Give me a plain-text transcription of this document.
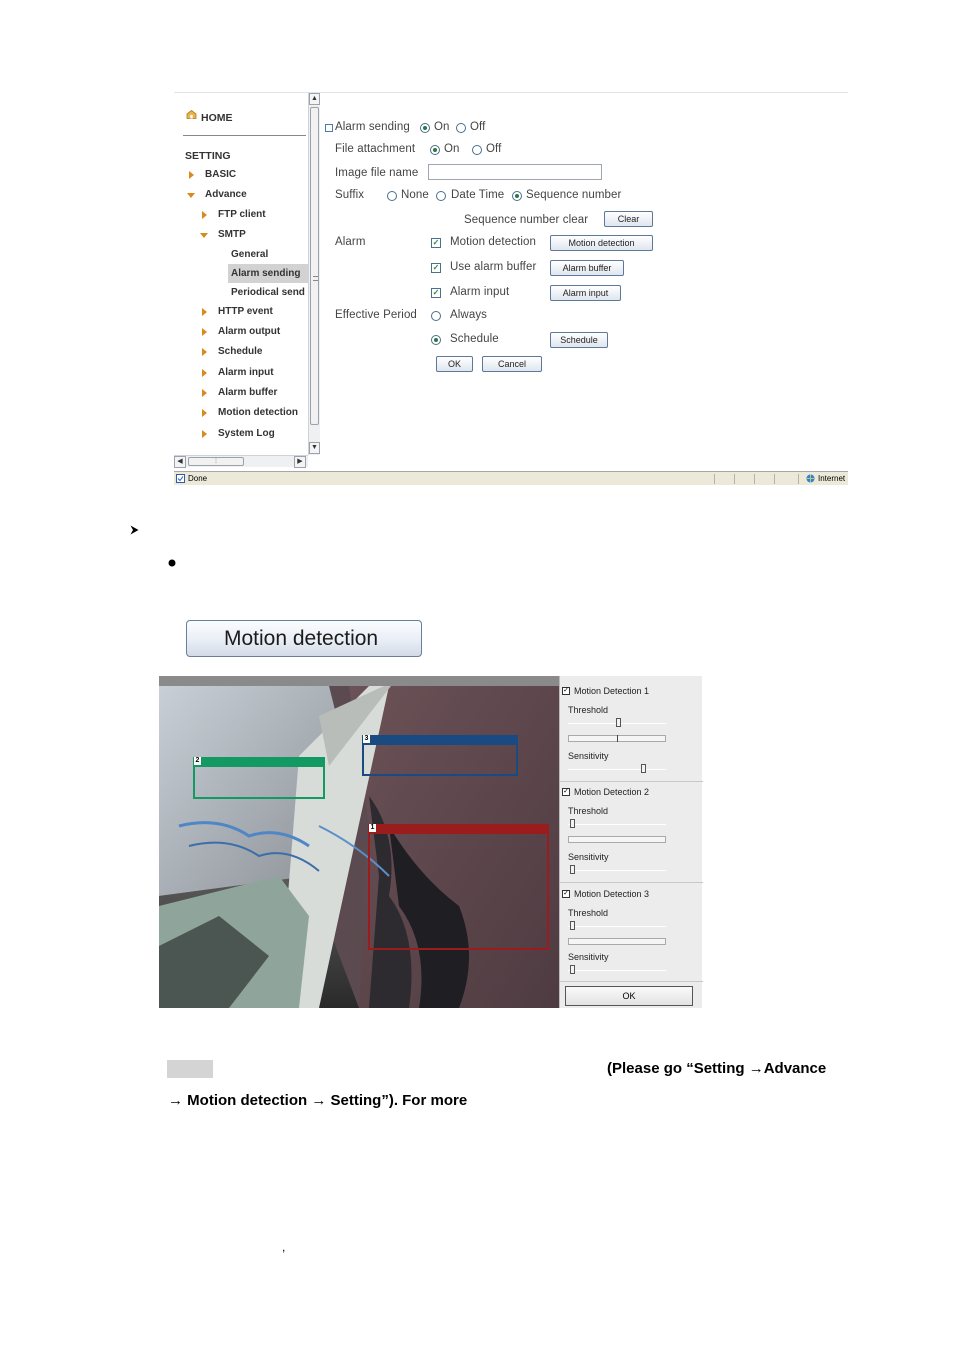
HOME
SETTING
BASIC
Advance
FTP client
SMTP
General
Alarm sending
Periodical send
HTTP event
Alarm output
Schedule
Alarm input
Alarm buffer
Motion detection
System Log
▲
▼
◀	⋮	▶
Alarm sending On Off
File attachment	On Off
Image file name
Suffix	None Date Time Sequence number
Sequence number clear	Clear
Alarm	✓ Motion detection	Motion detection
✓ Use alarm buffer	Alarm buffer
✓ Alarm input	Alarm input
Effective Period	Always
Schedule	Schedule
OK	Cancel
Done	Internet
Motion detection
1
2
3
✓ Motion Detection 1
Threshold
Sensitivity
✓ Motion Detection 2
Threshold
Sensitivity
✓ Motion Detection 3
Threshold
Sensitivity
OK
(Please go “Setting →Advance
→ Motion detection → Setting”). For more
,
